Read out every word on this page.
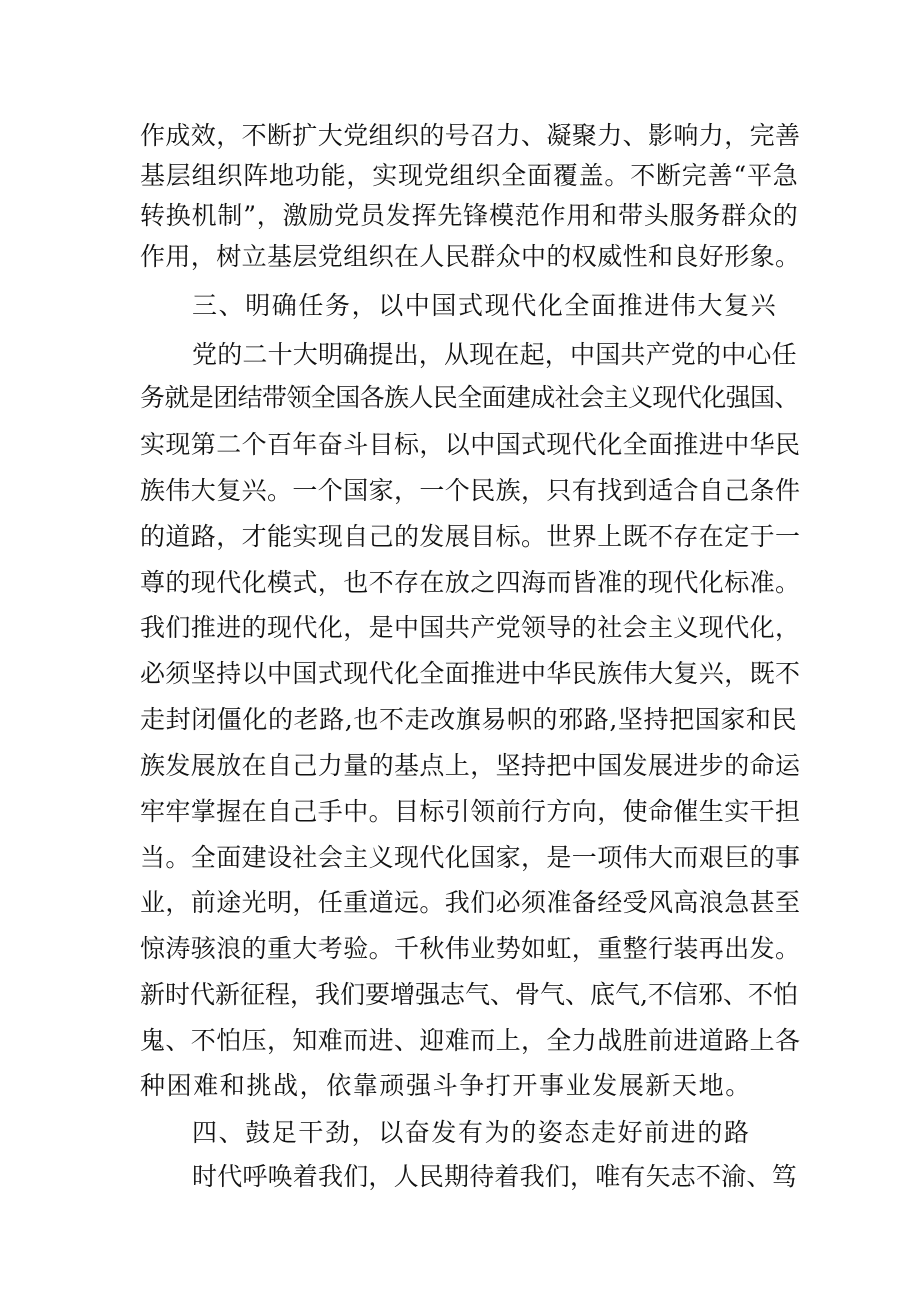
作成效，不断扩大党组织的号召力、凝聚力、影响力，完善
基层组织阵地功能，实现党组织全面覆盖。不断完善“平急
转换机制”，激励党员发挥先锋模范作用和带头服务群众的
作用，树立基层党组织在人民群众中的权威性和良好形象。
三、明确任务，以中国式现代化全面推进伟大复兴
党的二十大明确提出，从现在起，中国共产党的中心任
务就是团结带领全国各族人民全面建成社会主义现代化强国、
实现第二个百年奋斗目标，以中国式现代化全面推进中华民
族伟大复兴。一个国家，一个民族，只有找到适合自己条件
的道路，才能实现自己的发展目标。世界上既不存在定于一
尊的现代化模式，也不存在放之四海而皆准的现代化标准。
我们推进的现代化，是中国共产党领导的社会主义现代化，
必须坚持以中国式现代化全面推进中华民族伟大复兴，既不
走封闭僵化的老路,也不走改旗易帜的邪路,坚持把国家和民
族发展放在自己力量的基点上，坚持把中国发展进步的命运
牢牢掌握在自己手中。目标引领前行方向，使命催生实干担
当。全面建设社会主义现代化国家，是一项伟大而艰巨的事
业，前途光明，任重道远。我们必须准备经受风高浪急甚至
惊涛骇浪的重大考验。千秋伟业势如虹，重整行装再出发。
新时代新征程，我们要增强志气、骨气、底气,不信邪、不怕
鬼、不怕压，知难而进、迎难而上，全力战胜前进道路上各
种困难和挑战，依靠顽强斗争打开事业发展新天地。
四、鼓足干劲，以奋发有为的姿态走好前进的路
时代呼唤着我们，人民期待着我们，唯有矢志不渝、笃
